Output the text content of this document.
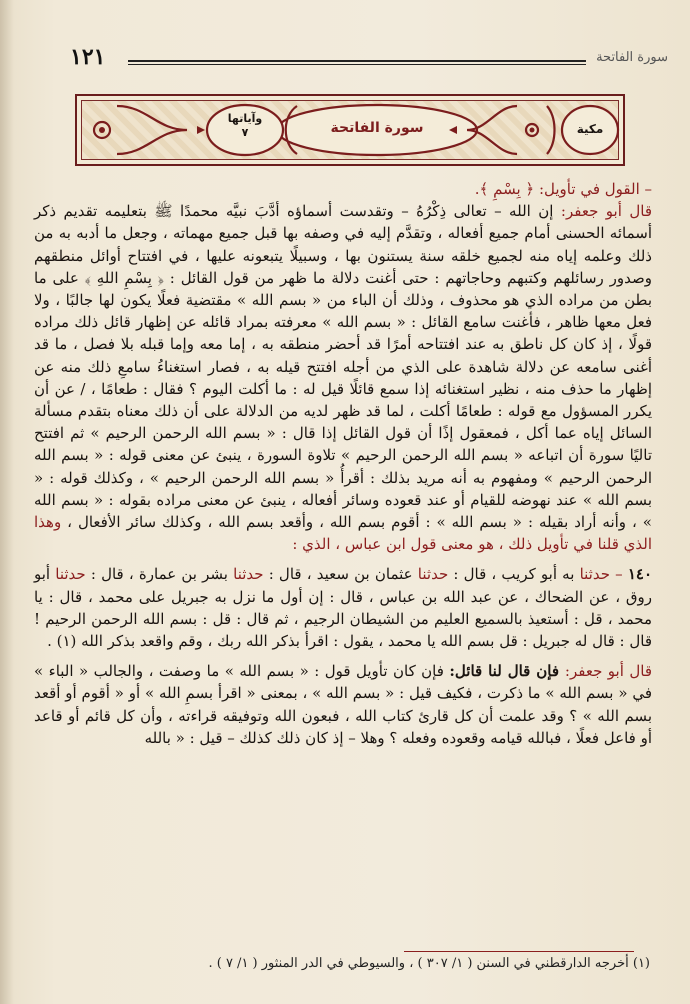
سورة الفاتحة
١٢١
مكية
سورة الفاتحة
وآياتها
٧

– القول في تأويل: ﴿ بِسْمِ ﴾.

قال أبو جعفر: إن الله – تعالى ذِكْرُهُ – وتقدست أسماؤه أدَّبَ نبيَّه محمدًا ﷺ بتعليمه تقديم ذكر أسمائه الحسنى أمام جميع أفعاله ، وتقدَّم إليه في وصفه بها قبل جميع مهماته ، وجعل ما أدبه به من ذلك وعلمه إياه منه لجميع خلقه سنة يستنون بها ، وسبيلًا يتبعونه عليها ، في افتتاح أوائل منطقهم وصدور رسائلهم وكتبهم وحاجاتهم : حتى أغنت دلالة ما ظهر من قول القائل : ﴿ بِسْمِ اللهِ ﴾ على ما بطن من مراده الذي هو محذوف ، وذلك أن الباء من « بسم الله » مقتضية فعلًا يكون لها جالبًا ، ولا فعل معها ظاهر ، فأغنت سامع القائل : « بسم الله » معرفته بمراد قائله عن إظهار قائل ذلك مراده قولًا ، إذ كان كل ناطق به عند افتتاحه أمرًا قد أحضر منطقه به ، إما معه وإما قبله بلا فصل ، ما قد أغنى سامعه عن دلالة شاهدة على الذي من أجله افتتح قيله به ، فصار استغناءُ سامعِ ذلك منه عن إظهار ما حذف منه ، نظير استغنائه إذا سمع قائلًا قيل له : ما أكلت اليوم ؟ فقال : طعامًا ، / عن أن يكرر المسؤول مع قوله : طعامًا أكلت ، لما قد ظهر لديه من الدلالة على أن ذلك معناه بتقدم مسألة السائل إياه عما أكل ، فمعقول إذًا أن قول القائل إذا قال : « بسم الله الرحمن الرحيم » ثم افتتح تاليًا سورة أن اتباعه « بسم الله الرحمن الرحيم » تلاوة السورة ، ينبئ عن معنى قوله : « بسم الله الرحمن الرحيم » ومفهوم به أنه مريد بذلك : أقرأُ « بسم الله الرحمن الرحيم » ، وكذلك قوله : « بسم الله » عند نهوضه للقيام أو عند قعوده وسائر أفعاله ، ينبئ عن معنى مراده بقوله : « بسم الله » ، وأنه أراد بقيله : « بسم الله » : أقوم بسم الله ، وأقعد بسم الله ، وكذلك سائر الأفعال ، وهذا الذي قلنا في تأويل ذلك ، هو معنى قول ابن عباس ، الذي :

١٤٠ – حدثنا به أبو كريب ، قال : حدثنا عثمان بن سعيد ، قال : حدثنا بشر بن عمارة ، قال : حدثنا أبو روق ، عن الضحاك ، عن عبد الله بن عباس ، قال : إن أول ما نزل به جبريل على محمد ، قال : يا محمد ، قل : أستعيذ بالسميع العليم من الشيطان الرجيم ، ثم قال : قل : بسم الله الرحمن الرحيم ! قال : قال له جبريل : قل بسم الله يا محمد ، يقول : اقرأ بذكر الله ربك ، وقم واقعد بذكر الله (١) .

قال أبو جعفر: فإن قال لنا قائل: فإن كان تأويل قول : « بسم الله » ما وصفت ، والجالب « الباء » في « بسم الله » ما ذكرت ، فكيف قيل : « بسم الله » ، بمعنى « اقرأ بسمِ الله » أو « أقوم أو أقعد بسم الله » ؟ وقد علمت أن كل قارئ كتاب الله ، فبعون الله وتوفيقه قراءته ، وأن كل قائم أو قاعد أو فاعل فعلًا ، فبالله قيامه وقعوده وفعله ؟ وهلا – إذ كان ذلك كذلك – قيل : « بالله

(١) أخرجه الدارقطني في السنن ( ١/ ٣٠٧ ) ، والسيوطي في الدر المنثور ( ١/ ٧ ) .
